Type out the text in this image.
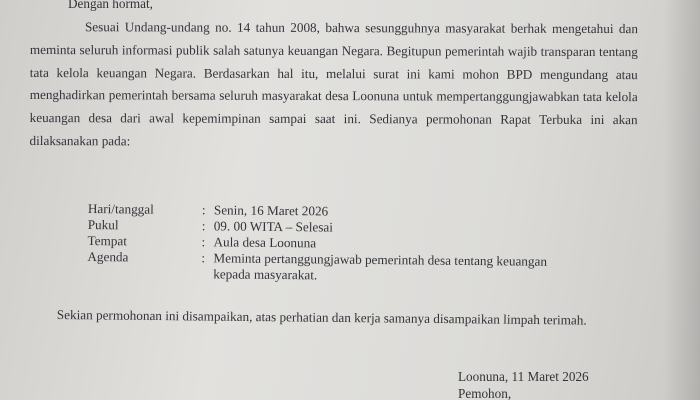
Dengan hormat,
Sesuai Undang-undang no. 14 tahun 2008, bahwa sesungguhnya masyarakat berhak mengetahui dan meminta seluruh informasi publik salah satunya keuangan Negara. Begitupun pemerintah wajib transparan tentang tata kelola keuangan Negara. Berdasarkan hal itu, melalui surat ini kami mohon BPD mengundang atau menghadirkan pemerintah bersama seluruh masyarakat desa Loonuna untuk mempertanggungjawabkan tata kelola keuangan desa dari awal kepemimpinan sampai saat ini. Sedianya permohonan Rapat Terbuka ini akan dilaksanakan pada:
Hari/tanggal	: Senin, 16 Maret 2026
Pukul	: 09. 00 WITA – Selesai
Tempat	: Aula desa Loonuna
Agenda	: Meminta pertanggungjawab pemerintah desa tentang keuangan
kepada masyarakat.
Sekian permohonan ini disampaikan, atas perhatian dan kerja samanya disampaikan limpah terimah.
Loonuna, 11 Maret 2026
Pemohon,
